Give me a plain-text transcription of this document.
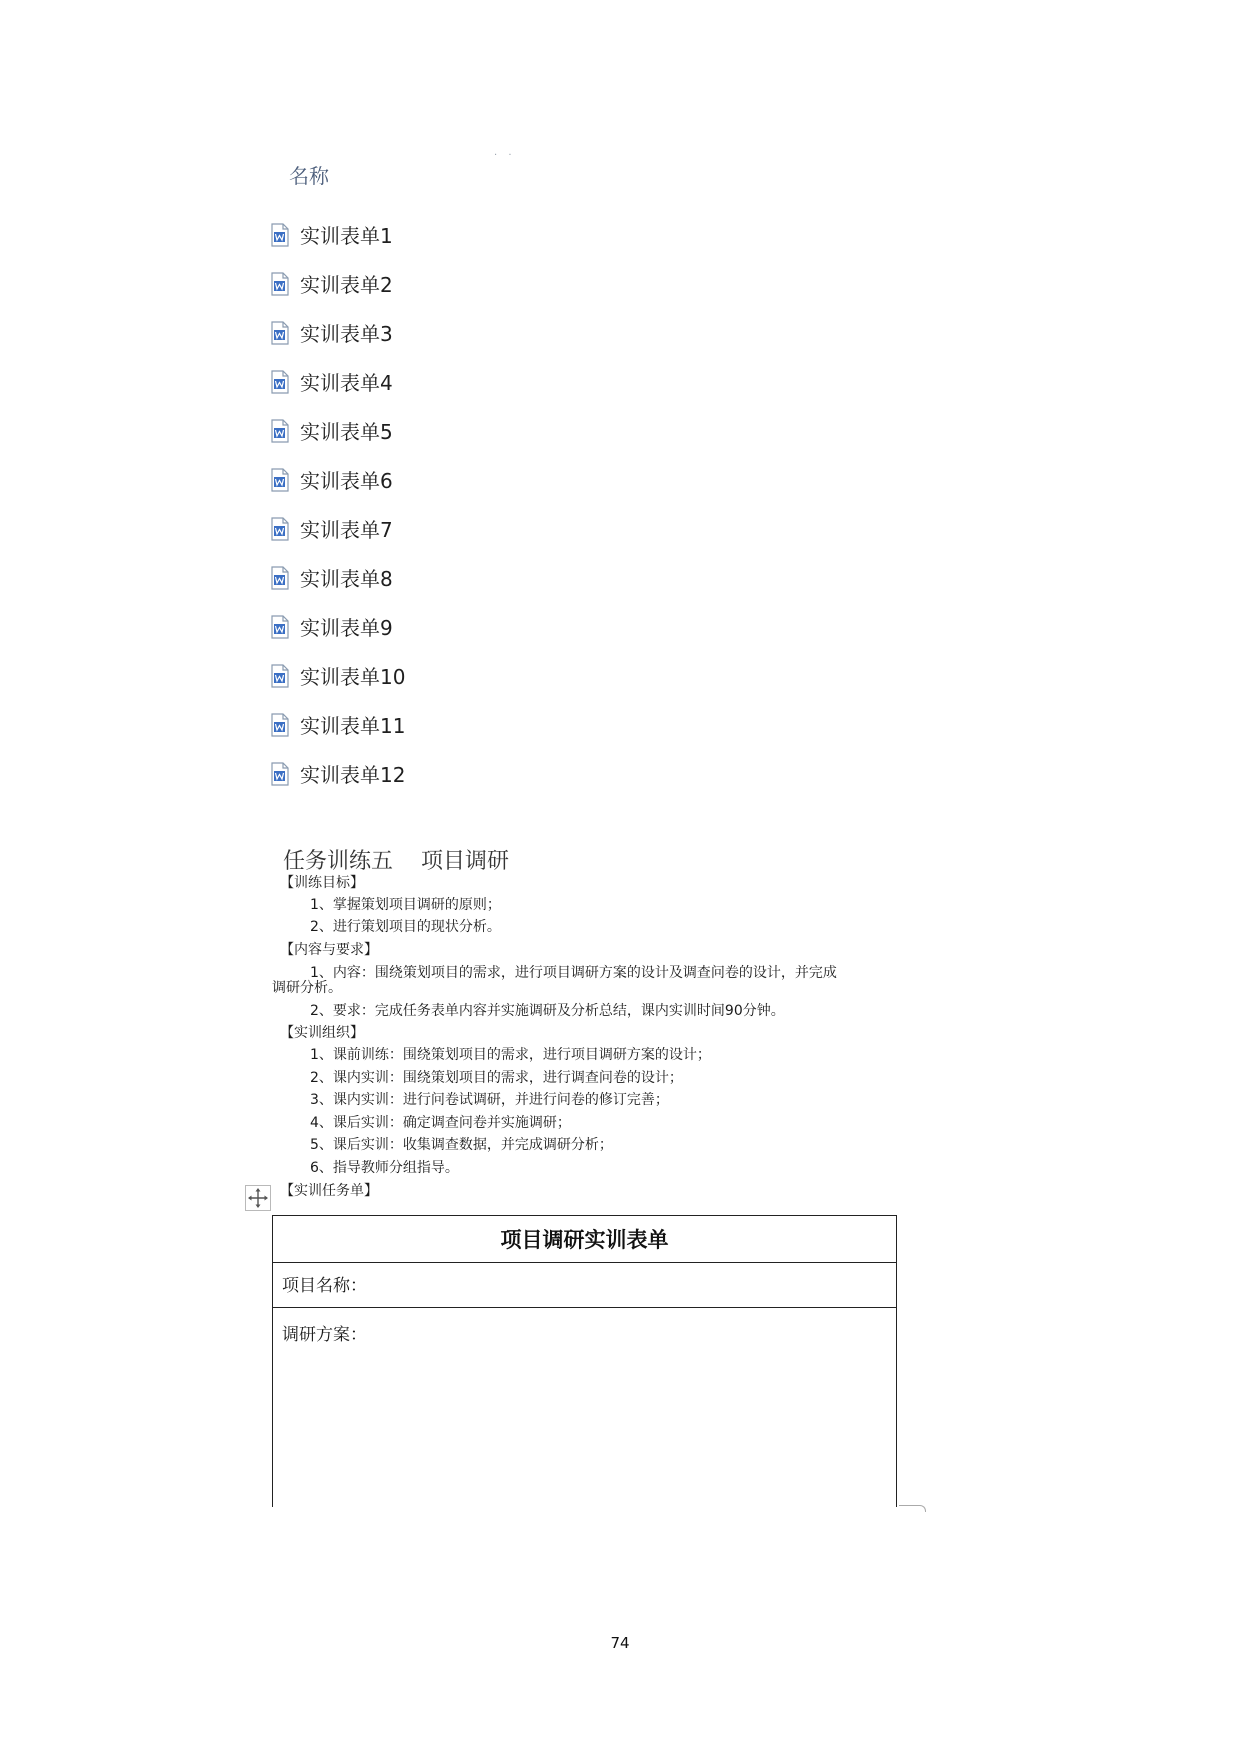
名称
· ·
实训表单1
实训表单2
实训表单3
实训表单4
实训表单5
实训表单6
实训表单7
实训表单8
实训表单9
实训表单10
实训表单11
实训表单12
任务训练五    项目调研
【训练目标】
1、掌握策划项目调研的原则；
2、进行策划项目的现状分析。
【内容与要求】
1、内容：围绕策划项目的需求，进行项目调研方案的设计及调查问卷的设计，并完成
调研分析。
2、要求：完成任务表单内容并实施调研及分析总结，课内实训时间90分钟。
【实训组织】
1、课前训练：围绕策划项目的需求，进行项目调研方案的设计；
2、课内实训：围绕策划项目的需求，进行调查问卷的设计；
3、课内实训：进行问卷试调研，并进行问卷的修订完善；
4、课后实训：确定调查问卷并实施调研；
5、课后实训：收集调查数据，并完成调研分析；
6、指导教师分组指导。
【实训任务单】
项目调研实训表单
项目名称：
调研方案：
74
